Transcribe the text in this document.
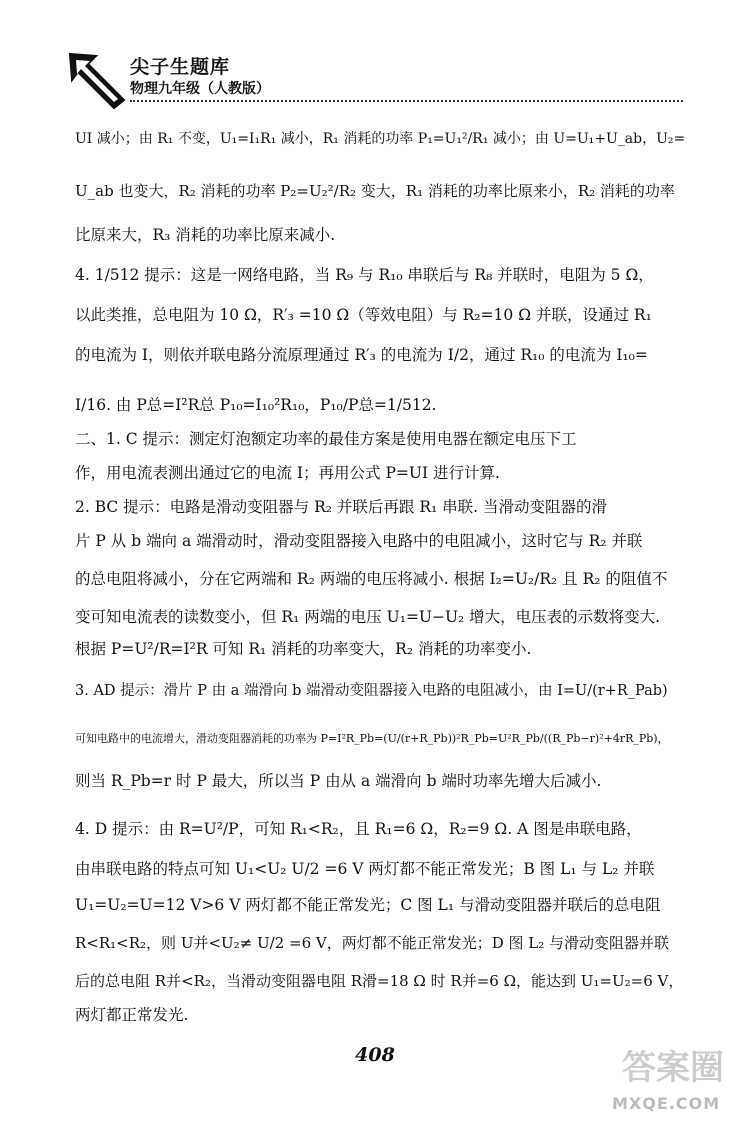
尖子生题库
物理九年级（人教版）
UI 减小；由 R₁ 不变，U₁=I₁R₁ 减小，R₁ 消耗的功率 P₁=U₁²/R₁ 减小；由 U=U₁+U_ab，U₂=
U_ab 也变大，R₂ 消耗的功率 P₂=U₂²/R₂ 变大，R₁ 消耗的功率比原来小，R₂ 消耗的功率
比原来大，R₃ 消耗的功率比原来减小.
4. 1/512 提示：这是一网络电路，当 R₉ 与 R₁₀ 串联后与 R₈ 并联时，电阻为 5 Ω，
以此类推，总电阻为 10 Ω，R′₃ =10 Ω（等效电阻）与 R₂=10 Ω 并联，设通过 R₁
的电流为 I，则依并联电路分流原理通过 R′₃ 的电流为 I/2，通过 R₁₀ 的电流为 I₁₀=
I/16. 由 P总=I²R总 P₁₀=I₁₀²R₁₀，P₁₀/P总=1/512.
二、1. C 提示：测定灯泡额定功率的最佳方案是使用电器在额定电压下工
作，用电流表测出通过它的电流 I；再用公式 P=UI 进行计算.
2. BC 提示：电路是滑动变阻器与 R₂ 并联后再跟 R₁ 串联. 当滑动变阻器的滑
片 P 从 b 端向 a 端滑动时，滑动变阻器接入电路中的电阻减小，这时它与 R₂ 并联
的总电阻将减小，分在它两端和 R₂ 两端的电压将减小. 根据 I₂=U₂/R₂ 且 R₂ 的阻值不
变可知电流表的读数变小，但 R₁ 两端的电压 U₁=U−U₂ 增大，电压表的示数将变大.
根据 P=U²/R=I²R 可知 R₁ 消耗的功率变大，R₂ 消耗的功率变小.
3. AD 提示：滑片 P 由 a 端滑向 b 端滑动变阻器接入电路的电阻减小，由 I=U/(r+R_Pab)
可知电路中的电流增大，滑动变阻器消耗的功率为 P=I²R_Pb=(U/(r+R_Pb))²R_Pb=U²R_Pb/((R_Pb−r)²+4rR_Pb)，
则当 R_Pb=r 时 P 最大，所以当 P 由从 a 端滑向 b 端时功率先增大后减小.
4. D 提示：由 R=U²/P，可知 R₁<R₂，且 R₁=6 Ω，R₂=9 Ω. A 图是串联电路，
由串联电路的特点可知 U₁<U₂ U/2 =6 V 两灯都不能正常发光；B 图 L₁ 与 L₂ 并联
U₁=U₂=U=12 V>6 V 两灯都不能正常发光；C 图 L₁ 与滑动变阻器并联后的总电阻
R<R₁<R₂，则 U并<U₂≠ U/2 =6 V，两灯都不能正常发光；D 图 L₂ 与滑动变阻器并联
后的总电阻 R并<R₂，当滑动变阻器电阻 R滑=18 Ω 时 R并=6 Ω，能达到 U₁=U₂=6 V，
两灯都正常发光.
408	答案圈
MXQE.COM
